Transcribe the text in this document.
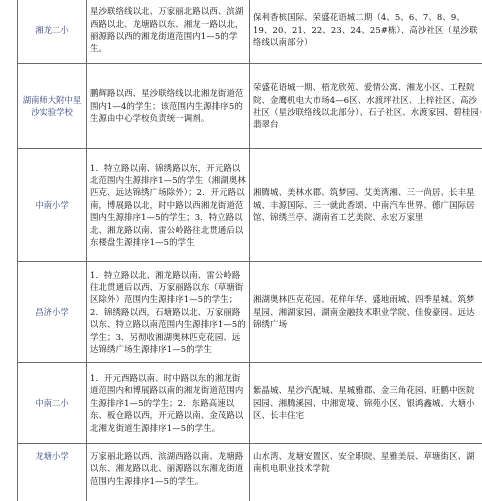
湘龙二小	星沙联络线以北、万家丽北路以西、滨湖西路以北、龙塘路以东、湘龙一路以北，丽源路以西的湘龙街道范围内1—5的学生。	保利香槟国际、荣盛花语城二期（4、5、6、7、8、9、19、20、21、22、23、24、25#栋）、高沙社区（星沙联络线以南部分）
湖南师大附中星沙实验学校	鹏辉路以西、星沙联络线以北湘龙街道范围内1—4的学生；该范围内生源排序5的生源由中心学校负责统一调剂。	荣盛花语城一期、梧龙欣苑、爱情公寓、湘龙小区、工程院院、金鹰机电大市场4—6区、水渡坪社区、上梓社区、高沙社区（星沙联络线以北部分）、石子社区、水渡家园、碧桂园·翡翠台
中南小学	1．特立路以南、锦绣路以东，开元路以北范围内生源排序1—5的学生（湘湖奥林匹克、远达锦绣广场除外）；2．开元路以南，博展路以北，时中路以西湘龙街道范围内生源排序1—5的学生；3．特立路以北、湘龙路以南、雷公岭路往北贯通后以东楼盘生源排序1—5的学生	湘腾城、美林水郡、筑梦园、艾美湾湘、三一尚居、长丰星城、丰源国际、三一就此香颂、中南汽车世界、德广国际居馆、锦绣兰亭、湖南省工艺美院、永宏万家里
昌济小学	1．特立路以北、湘龙路以南、雷公岭路往北贯通后以西、万家丽路以东（草塘街区除外）范围内生源排序1—5的学生；2．锦绣路以西，石塘路以北、万家丽路以东、特立路以南范围内生源排序1—5的学生；3．另彻收湘湖奥林匹克花园、远达锦绣广场生源排序1—5的学生	湘湖奥林匹克花园、花样年华、盛地雨城、四季星城、筑梦星园、湘湖家园、湖南金融技术职业学院、佳俊豪园、远达锦绣广场
中南二小	1．开元西路以南、时中路以东的湘龙街道范围内和博展路以南的湘龙街道范围内生源排序1—5的学生；2．东路高速以东、板仓路以西，开元路以南、金茂路以北湘龙街道生源排序1—5的学生。	紫晶城、星沙汽配城、星城雅郡、金三角花园、旺鹏中医院园园、湘腾溪园、中湘宽境、锦苑小区、银鸿鑫城、大塘小区、长丰住宅
龙塘小学	万家丽北路以西、滨湖西路以南、龙塘路以东、湘龙路以北、丽源路以东湘龙街道范围内生源排序1—5的学生。	山水湾、龙塘安置区、安全职院、星雅美辰、草塘街区、湖南机电职业技术学院
